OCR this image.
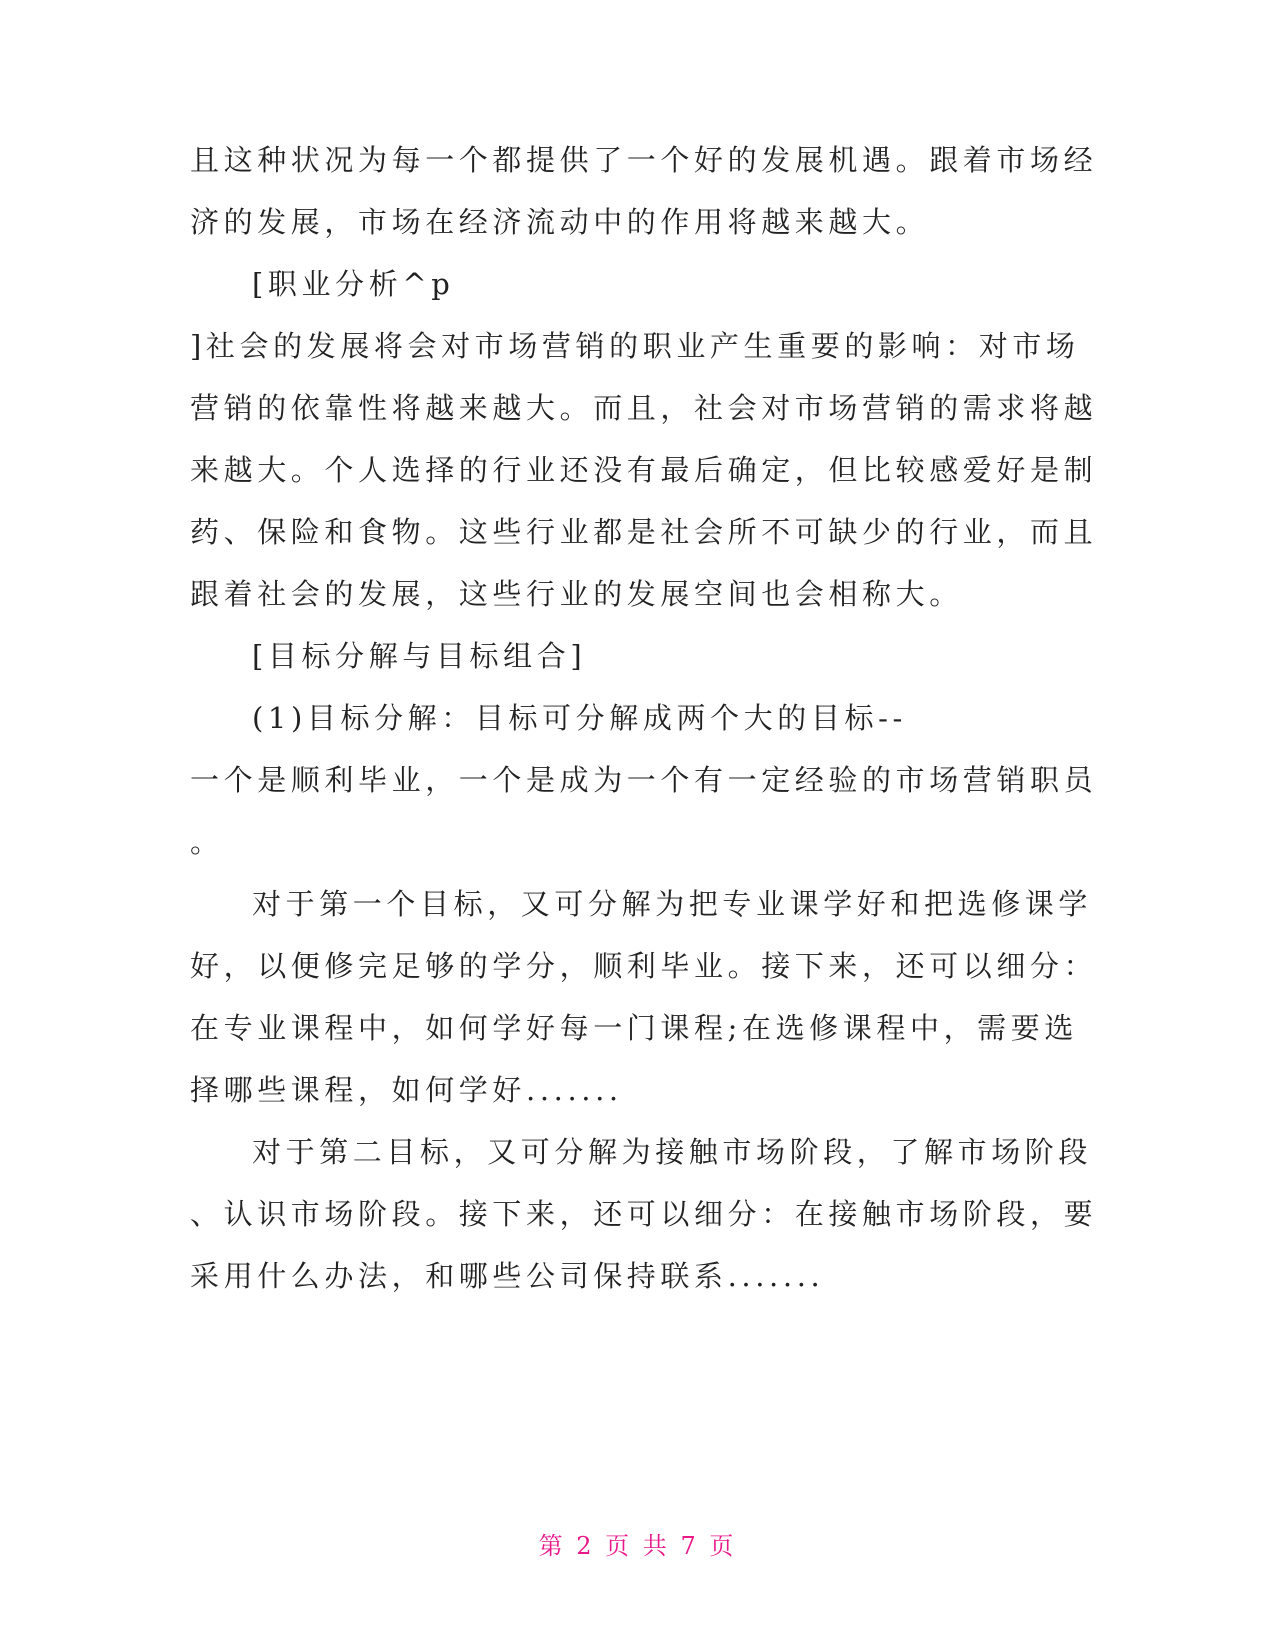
且这种状况为每一个都提供了一个好的发展机遇。跟着市场经
济的发展，市场在经济流动中的作用将越来越大。
[职业分析^p
]社会的发展将会对市场营销的职业产生重要的影响：对市场
营销的依靠性将越来越大。而且，社会对市场营销的需求将越
来越大。个人选择的行业还没有最后确定，但比较感爱好是制
药、保险和食物。这些行业都是社会所不可缺少的行业，而且
跟着社会的发展，这些行业的发展空间也会相称大。
[目标分解与目标组合]
(1)目标分解：目标可分解成两个大的目标--
一个是顺利毕业，一个是成为一个有一定经验的市场营销职员
。
对于第一个目标，又可分解为把专业课学好和把选修课学
好，以便修完足够的学分，顺利毕业。接下来，还可以细分：
在专业课程中，如何学好每一门课程;在选修课程中，需要选
择哪些课程，如何学好.......
对于第二目标，又可分解为接触市场阶段，了解市场阶段
、认识市场阶段。接下来，还可以细分：在接触市场阶段，要
采用什么办法，和哪些公司保持联系.......
第 2 页 共 7 页
